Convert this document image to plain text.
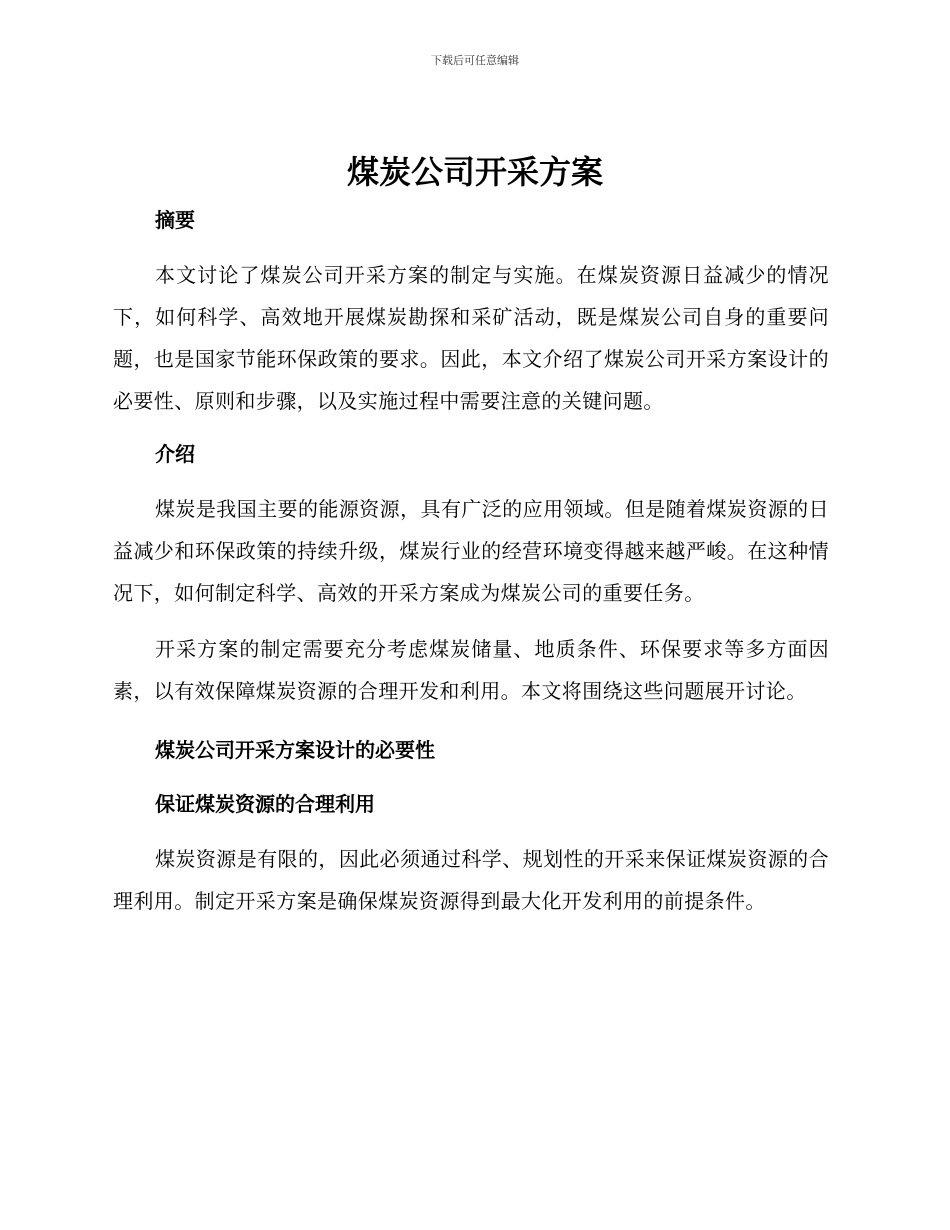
下载后可任意编辑
煤炭公司开采方案
摘要

本文讨论了煤炭公司开采方案的制定与实施。在煤炭资源日益减少的情况下，如何科学、高效地开展煤炭勘探和采矿活动，既是煤炭公司自身的重要问题，也是国家节能环保政策的要求。因此，本文介绍了煤炭公司开采方案设计的必要性、原则和步骤，以及实施过程中需要注意的关键问题。

介绍

煤炭是我国主要的能源资源，具有广泛的应用领域。但是随着煤炭资源的日益减少和环保政策的持续升级，煤炭行业的经营环境变得越来越严峻。在这种情况下，如何制定科学、高效的开采方案成为煤炭公司的重要任务。

开采方案的制定需要充分考虑煤炭储量、地质条件、环保要求等多方面因素，以有效保障煤炭资源的合理开发和利用。本文将围绕这些问题展开讨论。

煤炭公司开采方案设计的必要性
保证煤炭资源的合理利用

煤炭资源是有限的，因此必须通过科学、规划性的开采来保证煤炭资源的合理利用。制定开采方案是确保煤炭资源得到最大化开发利用的前提条件。
